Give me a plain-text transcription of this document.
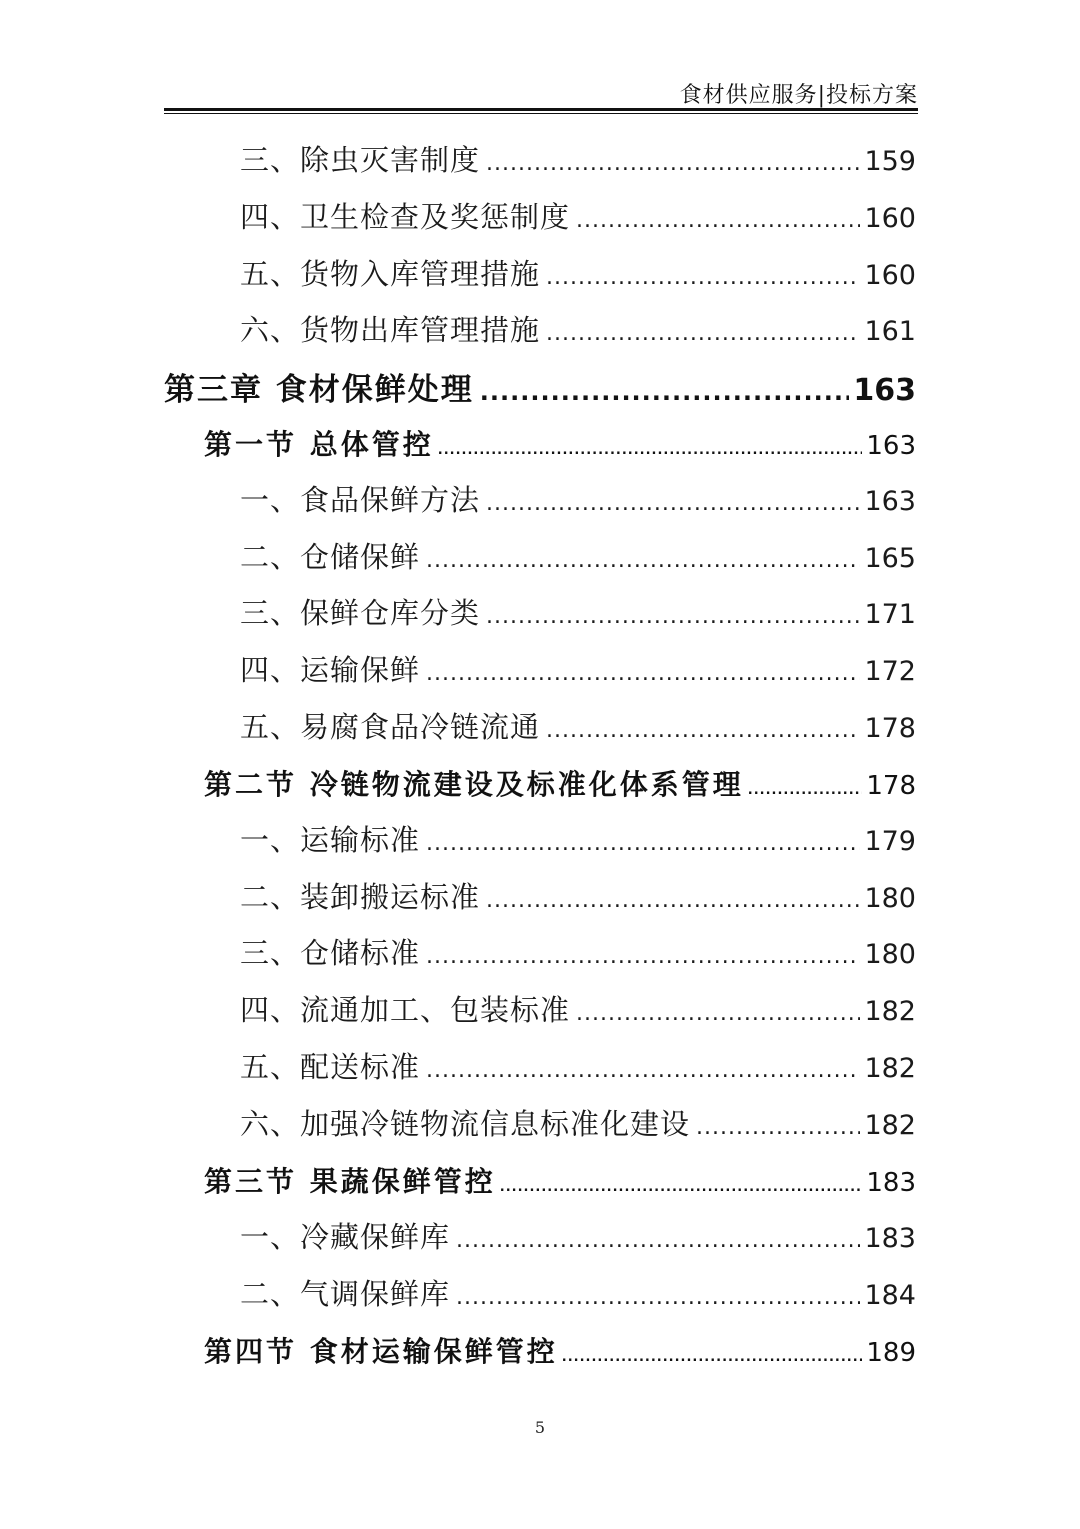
食材供应服务|投标方案
三、除虫灭害制度 .....	159
四、卫生检查及奖惩制度 .....	160
五、货物入库管理措施 .....	160
六、货物出库管理措施 .....	161
第三章 食材保鲜处理 .....	163
第一节 总体管控 .....	163
一、食品保鲜方法 .....	163
二、仓储保鲜 .....	165
三、保鲜仓库分类 .....	171
四、运输保鲜 .....	172
五、易腐食品冷链流通 .....	178
第二节 冷链物流建设及标准化体系管理 .....	178
一、运输标准 .....	179
二、装卸搬运标准 .....	180
三、仓储标准 .....	180
四、流通加工、包装标准 .....	182
五、配送标准 .....	182
六、加强冷链物流信息标准化建设 .....	182
第三节 果蔬保鲜管控 .....	183
一、冷藏保鲜库 .....	183
二、气调保鲜库 .....	184
第四节 食材运输保鲜管控 .....	189
5
